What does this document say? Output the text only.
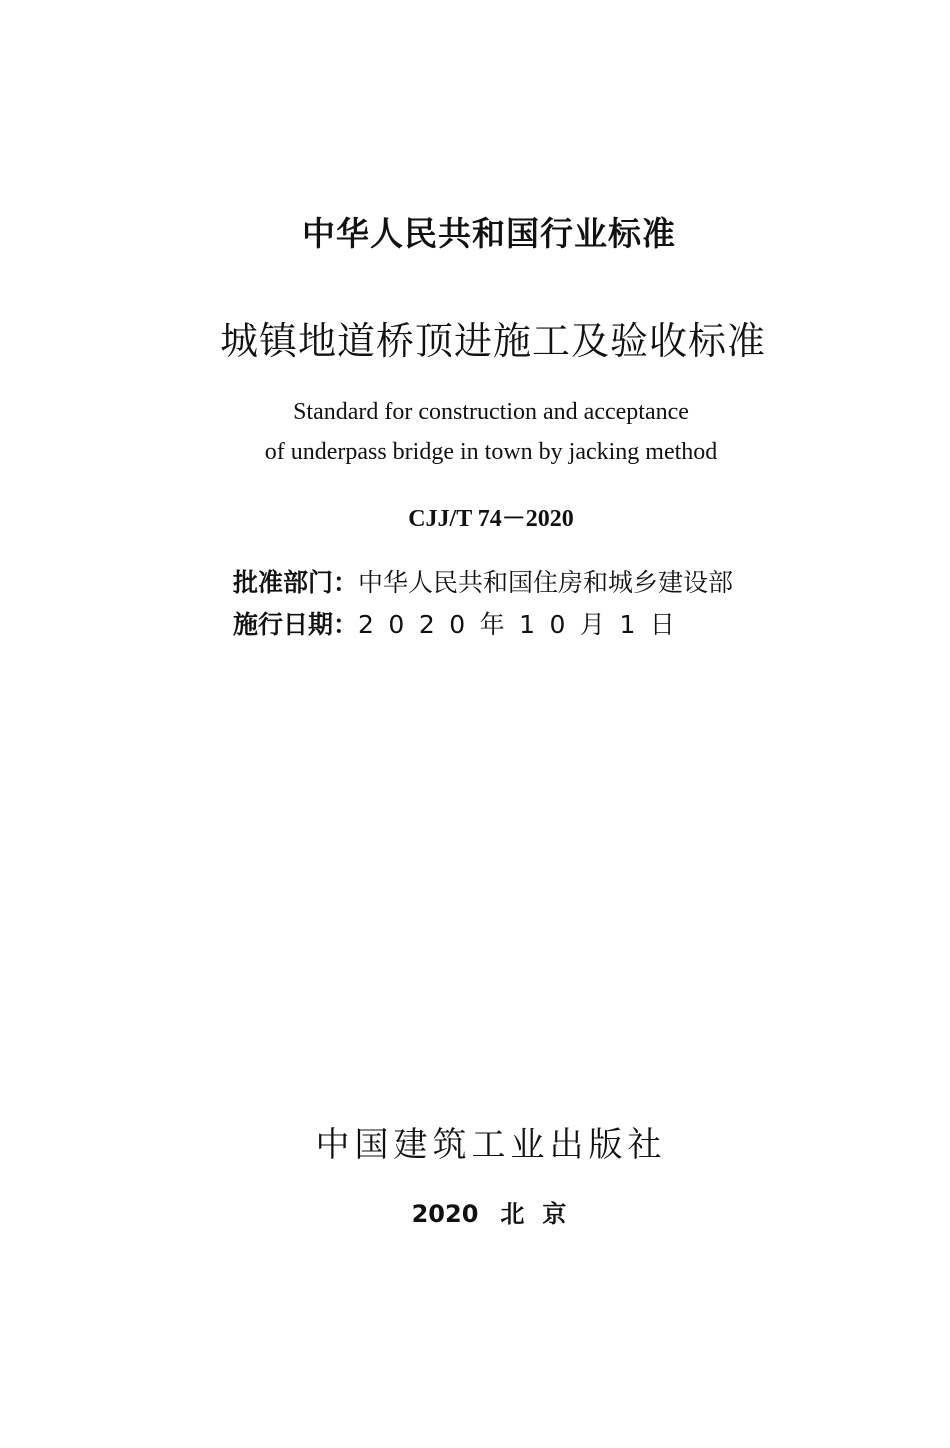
中华人民共和国行业标准
城镇地道桥顶进施工及验收标准
Standard for construction and acceptance
of underpass bridge in town by jacking method
CJJ/T 74－2020
批准部门：中华人民共和国住房和城乡建设部
施行日期：2020年10月1日
中国建筑工业出版社
2020 北 京
